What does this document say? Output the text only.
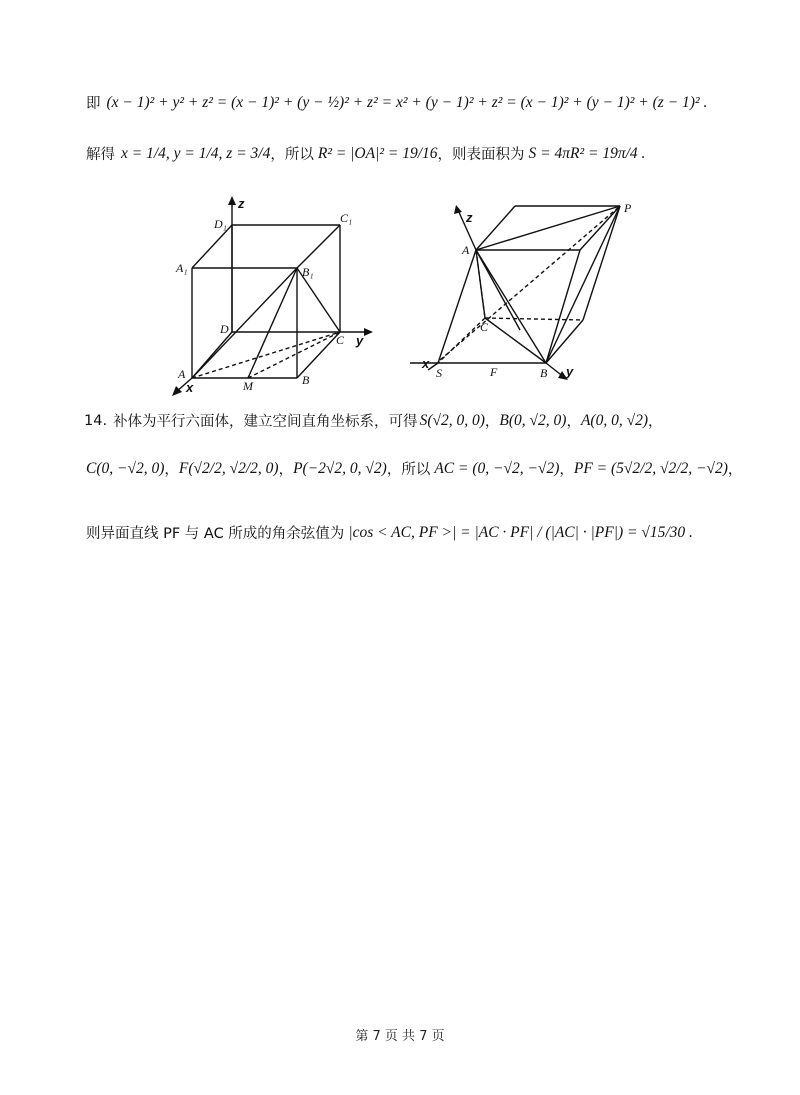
即 (x − 1)² + y² + z² = (x − 1)² + (y − ½)² + z² = x² + (y − 1)² + z² = (x − 1)² + (y − 1)² + (z − 1)² .
解得 x = 1/4, y = 1/4, z = 3/4 ，所以 R² = |OA|² = 19/16 ，则表面积为 S = 4πR² = 19π/4 .
z
D₁	C₁
A₁	B₁
D
C y
A
x	M	B
z
P
A
C
x
S	F	B y
14. 补体为平行六面体，建立空间直角坐标系，可得 S(√2, 0, 0) ， B(0, √2, 0) ， A(0, 0, √2) ，
C(0, −√2, 0) ， F(√2/2, √2/2, 0) ， P(−2√2, 0, √2) ， 所以 AC = (0, −√2, −√2) ， PF = (5√2/2, √2/2, −√2) ，
则异面直线 PF 与 AC 所成的角余弦值为 |cos < AC, PF >| = |AC · PF| / (|AC| · |PF|) = √15/30 .
第 7 页 共 7 页
